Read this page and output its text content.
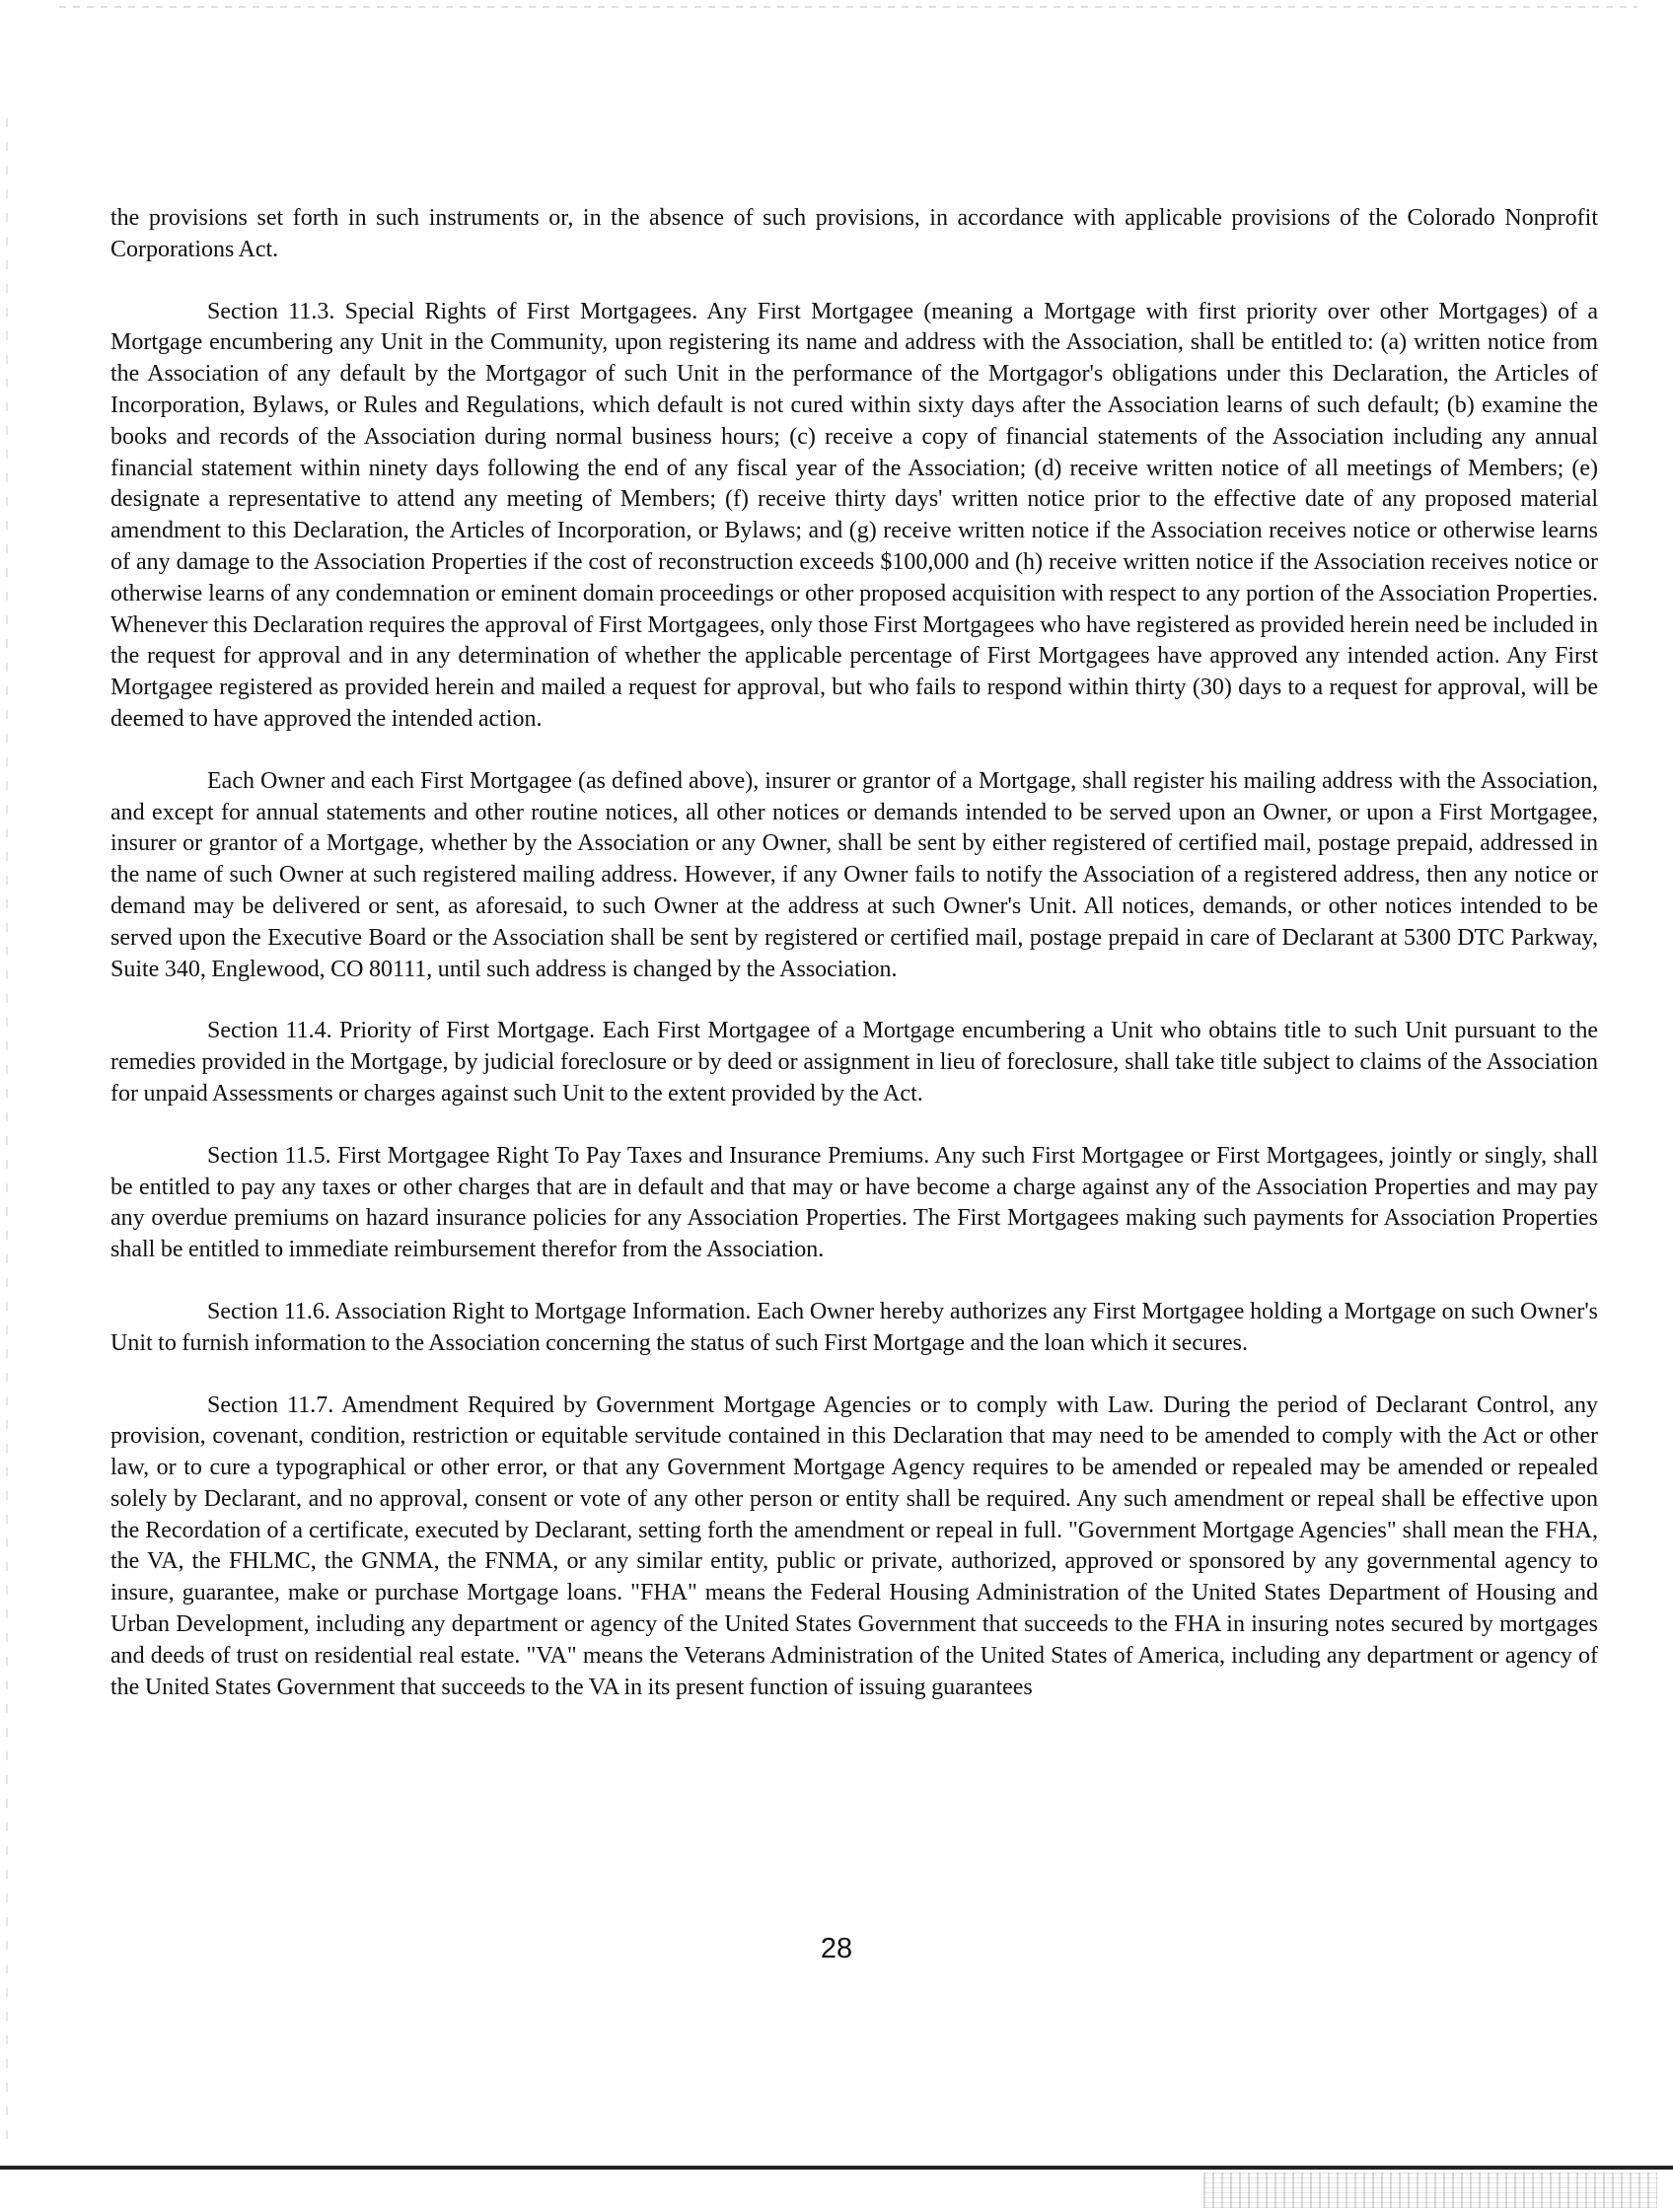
the provisions set forth in such instruments or, in the absence of such provisions, in accordance with applicable provisions of the Colorado Nonprofit Corporations Act.

Section 11.3. Special Rights of First Mortgagees. Any First Mortgagee (meaning a Mortgage with first priority over other Mortgages) of a Mortgage encumbering any Unit in the Community, upon registering its name and address with the Association, shall be entitled to: (a) written notice from the Association of any default by the Mortgagor of such Unit in the performance of the Mortgagor's obligations under this Declaration, the Articles of Incorporation, Bylaws, or Rules and Regulations, which default is not cured within sixty days after the Association learns of such default; (b) examine the books and records of the Association during normal business hours; (c) receive a copy of financial statements of the Association including any annual financial statement within ninety days following the end of any fiscal year of the Association; (d) receive written notice of all meetings of Members; (e) designate a representative to attend any meeting of Members; (f) receive thirty days' written notice prior to the effective date of any proposed material amendment to this Declaration, the Articles of Incorporation, or Bylaws; and (g) receive written notice if the Association receives notice or otherwise learns of any damage to the Association Properties if the cost of reconstruction exceeds $100,000 and (h) receive written notice if the Association receives notice or otherwise learns of any condemnation or eminent domain proceedings or other proposed acquisition with respect to any portion of the Association Properties. Whenever this Declaration requires the approval of First Mortgagees, only those First Mortgagees who have registered as provided herein need be included in the request for approval and in any determination of whether the applicable percentage of First Mortgagees have approved any intended action. Any First Mortgagee registered as provided herein and mailed a request for approval, but who fails to respond within thirty (30) days to a request for approval, will be deemed to have approved the intended action.

Each Owner and each First Mortgagee (as defined above), insurer or grantor of a Mortgage, shall register his mailing address with the Association, and except for annual statements and other routine notices, all other notices or demands intended to be served upon an Owner, or upon a First Mortgagee, insurer or grantor of a Mortgage, whether by the Association or any Owner, shall be sent by either registered of certified mail, postage prepaid, addressed in the name of such Owner at such registered mailing address. However, if any Owner fails to notify the Association of a registered address, then any notice or demand may be delivered or sent, as aforesaid, to such Owner at the address at such Owner's Unit. All notices, demands, or other notices intended to be served upon the Executive Board or the Association shall be sent by registered or certified mail, postage prepaid in care of Declarant at 5300 DTC Parkway, Suite 340, Englewood, CO 80111, until such address is changed by the Association.

Section 11.4. Priority of First Mortgage. Each First Mortgagee of a Mortgage encumbering a Unit who obtains title to such Unit pursuant to the remedies provided in the Mortgage, by judicial foreclosure or by deed or assignment in lieu of foreclosure, shall take title subject to claims of the Association for unpaid Assessments or charges against such Unit to the extent provided by the Act.

Section 11.5. First Mortgagee Right To Pay Taxes and Insurance Premiums. Any such First Mortgagee or First Mortgagees, jointly or singly, shall be entitled to pay any taxes or other charges that are in default and that may or have become a charge against any of the Association Properties and may pay any overdue premiums on hazard insurance policies for any Association Properties. The First Mortgagees making such payments for Association Properties shall be entitled to immediate reimbursement therefor from the Association.

Section 11.6. Association Right to Mortgage Information. Each Owner hereby authorizes any First Mortgagee holding a Mortgage on such Owner's Unit to furnish information to the Association concerning the status of such First Mortgage and the loan which it secures.

Section 11.7. Amendment Required by Government Mortgage Agencies or to comply with Law. During the period of Declarant Control, any provision, covenant, condition, restriction or equitable servitude contained in this Declaration that may need to be amended to comply with the Act or other law, or to cure a typographical or other error, or that any Government Mortgage Agency requires to be amended or repealed may be amended or repealed solely by Declarant, and no approval, consent or vote of any other person or entity shall be required. Any such amendment or repeal shall be effective upon the Recordation of a certificate, executed by Declarant, setting forth the amendment or repeal in full. "Government Mortgage Agencies" shall mean the FHA, the VA, the FHLMC, the GNMA, the FNMA, or any similar entity, public or private, authorized, approved or sponsored by any governmental agency to insure, guarantee, make or purchase Mortgage loans. "FHA" means the Federal Housing Administration of the United States Department of Housing and Urban Development, including any department or agency of the United States Government that succeeds to the FHA in insuring notes secured by mortgages and deeds of trust on residential real estate. "VA" means the Veterans Administration of the United States of America, including any department or agency of the United States Government that succeeds to the VA in its present function of issuing guarantees

28
